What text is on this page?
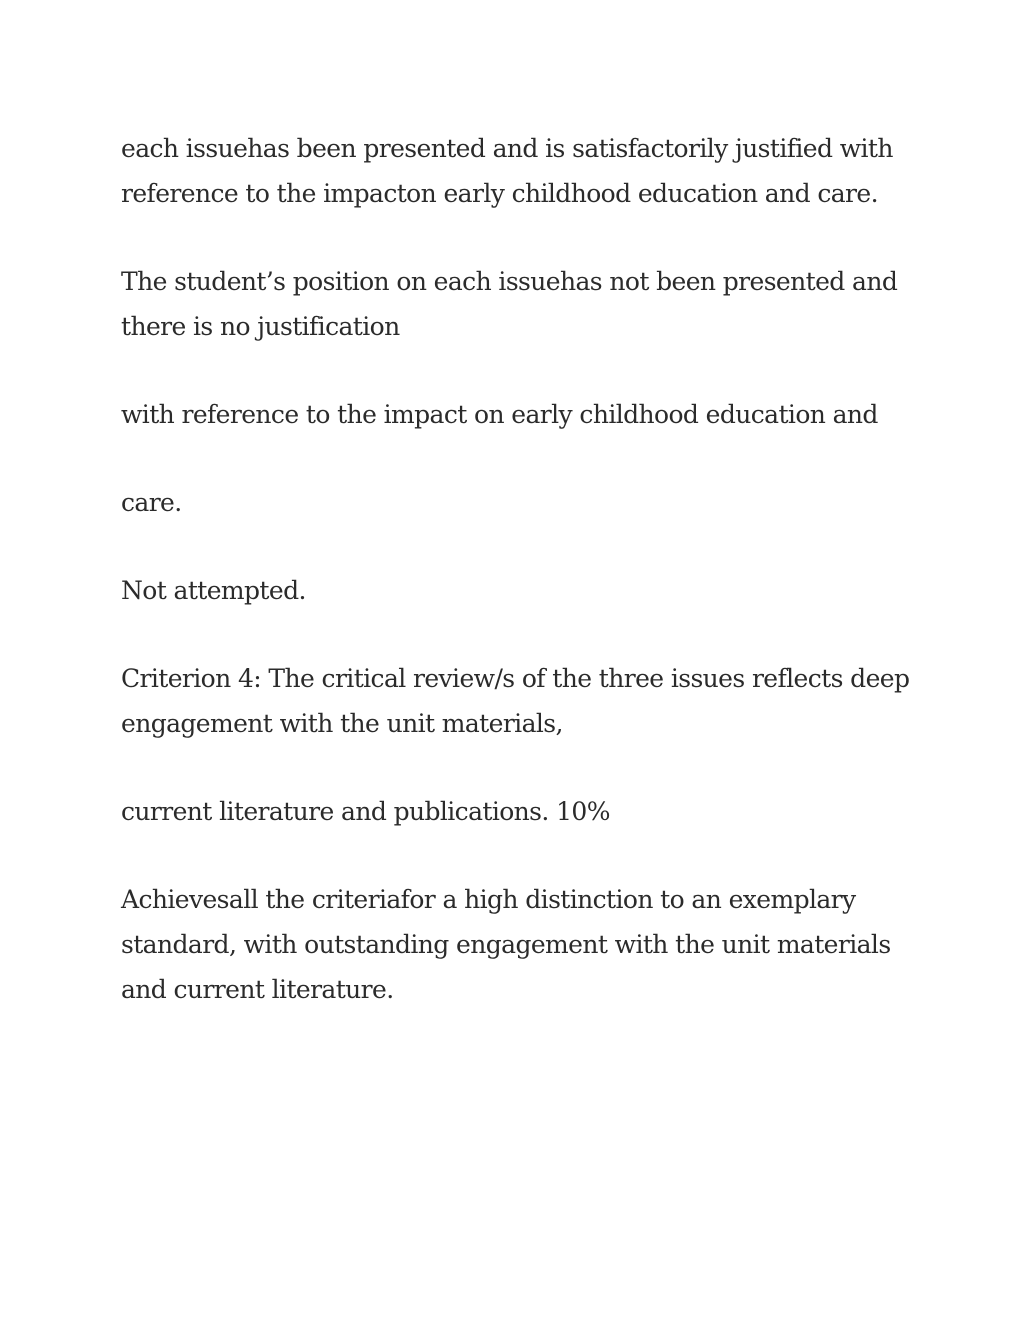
each issuehas been presented and is satisfactorily justified with reference to the impacton early childhood education and care.

The student’s position on each issuehas not been presented and there is no justification

with reference to the impact on early childhood education and

care.

Not attempted.

Criterion 4: The critical review/s of the three issues reflects deep engagement with the unit materials,

current literature and publications. 10%

Achievesall the criteriafor a high distinction to an exemplary standard, with outstanding engagement with the unit materials and current literature.
